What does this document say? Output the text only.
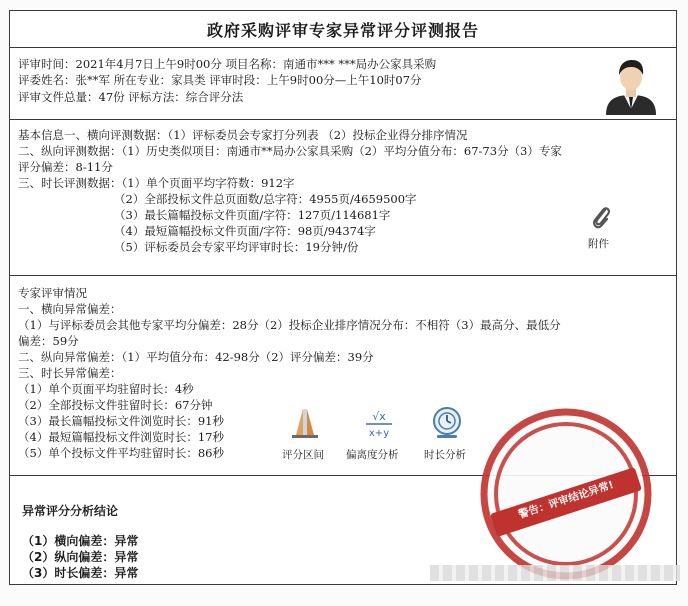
政府采购评审专家异常评分评测报告
评审时间：2021年4月7日上午9时00分 项目名称：南通市*** ***局办公家具采购
评委姓名：张**军 所在专业：家具类 评审时段：上午9时00分—上午10时07分
评审文件总量：47份 评标方法：综合评分法
基本信息一、横向评测数据：（1）评标委员会专家打分列表 （2）投标企业得分排序情况
二、纵向评测数据：（1）历史类似项目：南通市**局办公家具采购（2）平均分值分布：67-73分（3）专家
评分偏差：8-11分
三、时长评测数据：（1）单个页面平均字符数：912字
（2）全部投标文件总页面数/总字符：4955页/4659500字
（3）最长篇幅投标文件页面/字符：127页/114681字
（4）最短篇幅投标文件页面/字符：98页/94374字
（5）评标委员会专家平均评审时长：19分钟/份	附件
专家评审情况
一、横向异常偏差：
（1）与评标委员会其他专家平均分偏差：28分（2）投标企业排序情况分布：不相符（3）最高分、最低分
偏差：59分
二、纵向异常偏差：（1）平均值分布：42-98分（2）评分偏差：39分
三、时长异常偏差：
（1）单个页面平均驻留时长：4秒
（2）全部投标文件驻留时长：67分钟
（3）最长篇幅投标文件浏览时长：91秒
（4）最短篇幅投标文件浏览时长：17秒
（5）单个投标文件平均驻留时长：86秒	评分区间
√x
x+y
偏离度分析 时长分析
异常评分分析结论
（1）横向偏差：异常
（2）纵向偏差：异常
（3）时长偏差：异常
警告：评审结论异常!
